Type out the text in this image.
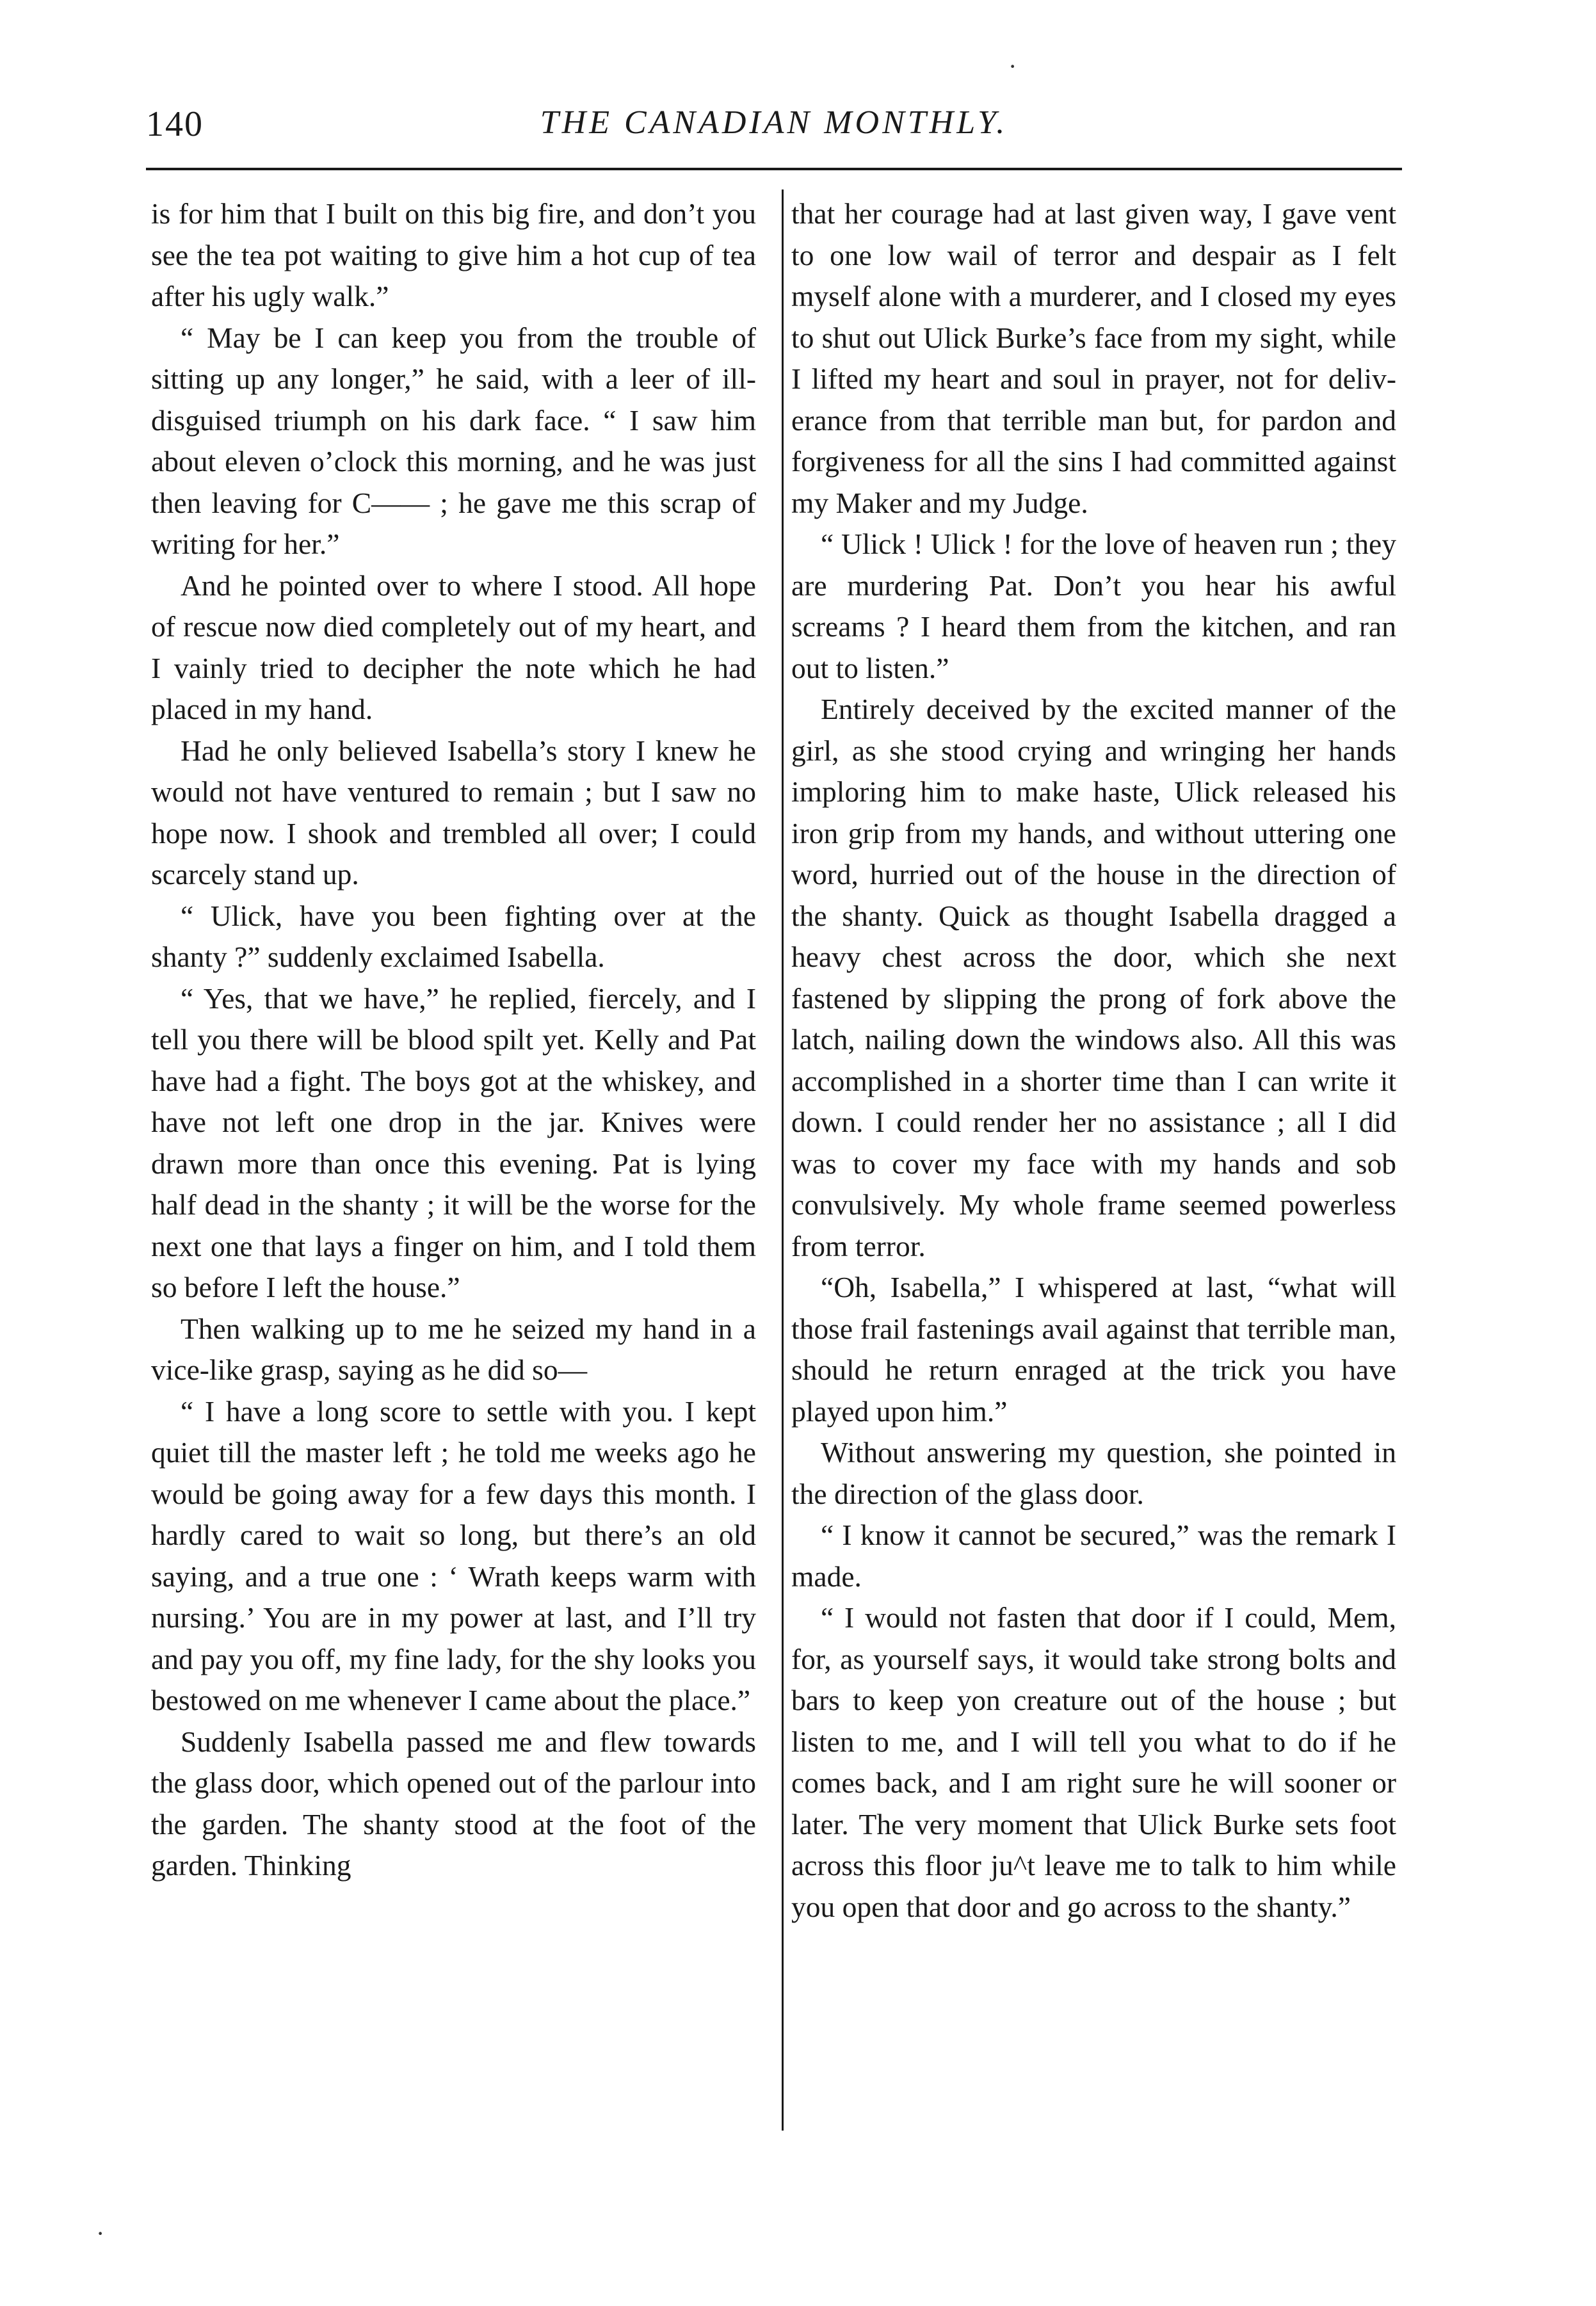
140	THE CANADIAN MONTHLY.

is for him that I built on this big fire, and don’t you see the tea pot waiting to give him a hot cup of tea after his ugly walk.”

“ May be I can keep you from the trouble of sitting up any longer,” he said, with a leer of ill-disguised triumph on his dark face. “ I saw him about eleven o’clock this morning, and he was just then leaving for C—— ; he gave me this scrap of writing for her.”

And he pointed over to where I stood. All hope of rescue now died completely out of my heart, and I vainly tried to decipher the note which he had placed in my hand.

Had he only believed Isabella’s story I knew he would not have ventured to remain ; but I saw no hope now. I shook and trembled all over; I could scarcely stand up.

“ Ulick, have you been fighting over at the shanty ?” suddenly exclaimed Isabella.

“ Yes, that we have,” he replied, fiercely, and I tell you there will be blood spilt yet. Kelly and Pat have had a fight. The boys got at the whiskey, and have not left one drop in the jar. Knives were drawn more than once this evening. Pat is lying half dead in the shanty ; it will be the worse for the next one that lays a finger on him, and I told them so before I left the house.”

Then walking up to me he seized my hand in a vice-like grasp, saying as he did so—

“ I have a long score to settle with you. I kept quiet till the master left ; he told me weeks ago he would be going away for a few days this month. I hardly cared to wait so long, but there’s an old saying, and a true one : ‘ Wrath keeps warm with nursing.’ You are in my power at last, and I’ll try and pay you off, my fine lady, for the shy looks you bestowed on me whenever I came about the place.”

Suddenly Isabella passed me and flew towards the glass door, which opened out of the parlour into the garden. The shanty stood at the foot of the garden. Thinking

that her courage had at last given way, I gave vent to one low wail of terror and despair as I felt myself alone with a murderer, and I closed my eyes to shut out Ulick Burke’s face from my sight, while I lifted my heart and soul in prayer, not for deliverance from that terrible man but, for pardon and forgiveness for all the sins I had committed against my Maker and my Judge.

“ Ulick ! Ulick ! for the love of heaven run ; they are murdering Pat. Don’t you hear his awful screams ? I heard them from the kitchen, and ran out to listen.”

Entirely deceived by the excited manner of the girl, as she stood crying and wringing her hands imploring him to make haste, Ulick released his iron grip from my hands, and without uttering one word, hurried out of the house in the direction of the shanty. Quick as thought Isabella dragged a heavy chest across the door, which she next fastened by slipping the prong of fork above the latch, nailing down the windows also. All this was accomplished in a shorter time than I can write it down. I could render her no assistance ; all I did was to cover my face with my hands and sob convulsively. My whole frame seemed powerless from terror.

“Oh, Isabella,” I whispered at last, “what will those frail fastenings avail against that terrible man, should he return enraged at the trick you have played upon him.”

Without answering my question, she pointed in the direction of the glass door.

“ I know it cannot be secured,” was the remark I made.

“ I would not fasten that door if I could, Mem, for, as yourself says, it would take strong bolts and bars to keep yon creature out of the house ; but listen to me, and I will tell you what to do if he comes back, and I am right sure he will sooner or later. The very moment that Ulick Burke sets foot across this floor ju^t leave me to talk to him while you open that door and go across to the shanty.”

·
·
